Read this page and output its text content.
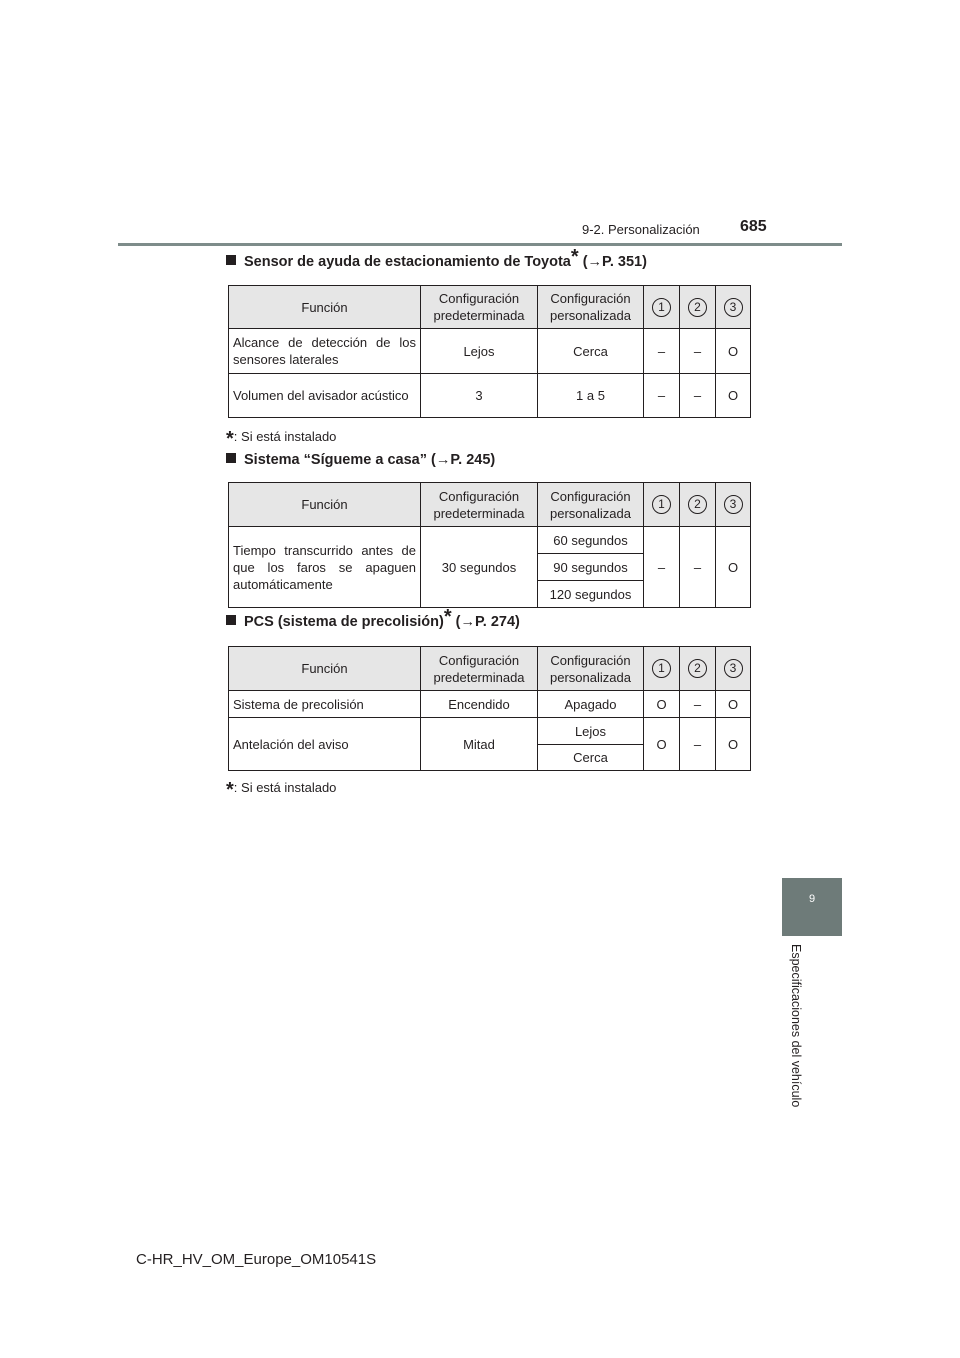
9-2. Personalización	685
9
Especificaciones del vehículo
Sensor de ayuda de estacionamiento de Toyota* (→P. 351)
Función	Configuración predeterminada	Configuración personalizada	1	2	3
Alcance de detección de los sensores laterales	Lejos	Cerca	–	–	O
Volumen del avisador acústico	3	1 a 5	–	–	O
*: Si está instalado
Sistema “Sígueme a casa” (→P. 245)
Función	Configuración predeterminada	Configuración personalizada	1	2	3
Tiempo transcurrido antes de que los faros se apaguen automáticamente	30 segundos	60 segundos	–	–	O
		90 segundos			
		120 segundos			
PCS (sistema de precolisión)* (→P. 274)
Función	Configuración predeterminada	Configuración personalizada	1	2	3
Sistema de precolisión	Encendido	Apagado	O	–	O
Antelación del aviso	Mitad	Lejos	O	–	O
		Cerca			
*: Si está instalado
C-HR_HV_OM_Europe_OM10541S
